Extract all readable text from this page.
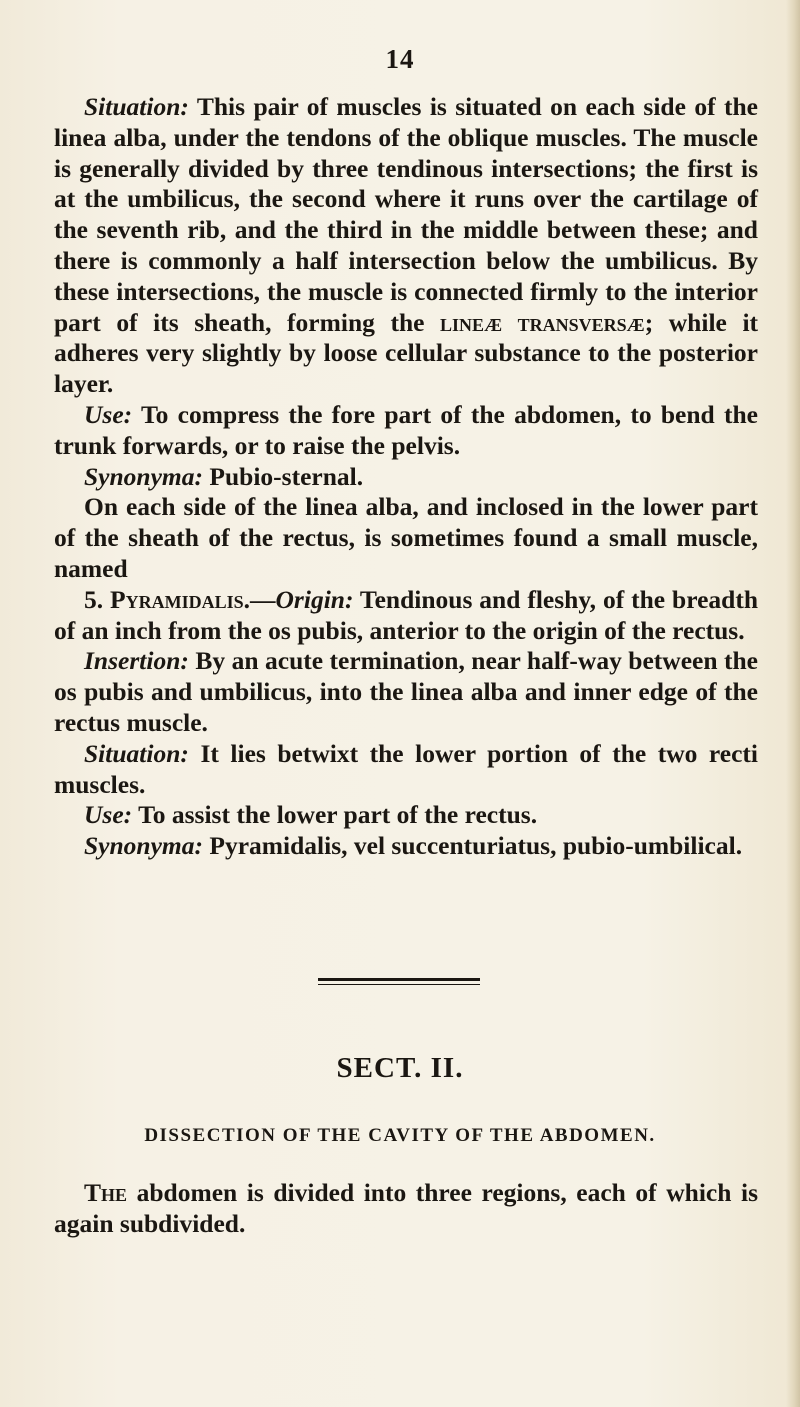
14

Situation: This pair of muscles is situated on each side of the linea alba, under the tendons of the oblique muscles. The muscle is generally divided by three tendinous intersections; the first is at the umbilicus, the second where it runs over the cartilage of the seventh rib, and the third in the middle between these; and there is commonly a half intersection below the umbilicus. By these intersections, the muscle is connected firmly to the interior part of its sheath, forming the lineæ transversæ; while it adheres very slightly by loose cellular substance to the posterior layer.

Use: To compress the fore part of the abdomen, to bend the trunk forwards, or to raise the pelvis.

Synonyma: Pubio-sternal.

On each side of the linea alba, and inclosed in the lower part of the sheath of the rectus, is sometimes found a small muscle, named

5. Pyramidalis.—Origin: Tendinous and fleshy, of the breadth of an inch from the os pubis, anterior to the origin of the rectus.

Insertion: By an acute termination, near half-way between the os pubis and umbilicus, into the linea alba and inner edge of the rectus muscle.

Situation: It lies betwixt the lower portion of the two recti muscles.

Use: To assist the lower part of the rectus.

Synonyma: Pyramidalis, vel succenturiatus, pubio-umbilical.

SECT. II.
DISSECTION OF THE CAVITY OF THE ABDOMEN.

The abdomen is divided into three regions, each of which is again subdivided.
